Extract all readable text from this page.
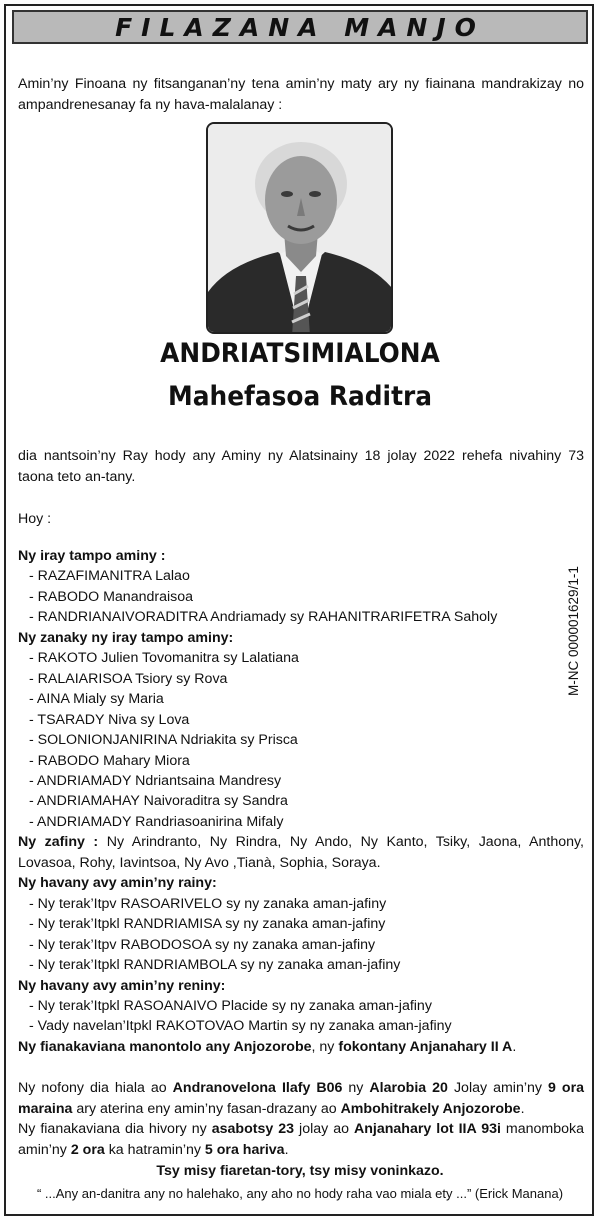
FILAZANA MANJO
Amin’ny Finoana ny fitsanganan’ny tena amin’ny maty ary ny fiainana mandrakizay no ampandrenesanay fa ny hava-malalanay :
ANDRIATSIMIALONA
Mahefasoa Raditra
dia nantsoin’ny Ray hody any Aminy ny Alatsinainy 18 jolay 2022 rehefa nivahiny 73 taona teto an-tany.
Hoy :
Ny iray tampo aminy :
- RAZAFIMANITRA Lalao
- RABODO Manandraisoa
- RANDRIANAIVORADITRA Andriamady sy RAHANITRARIFETRA Saholy
Ny zanaky ny iray tampo aminy:
- RAKOTO Julien Tovomanitra sy Lalatiana
- RALAIARISOA Tsiory sy Rova
- AINA Mialy sy Maria
- TSARADY Niva sy Lova
- SOLONIONJANIRINA Ndriakita sy Prisca
- RABODO Mahary Miora
- ANDRIAMADY Ndriantsaina Mandresy
- ANDRIAMAHAY Naivoraditra sy Sandra
- ANDRIAMADY Randriasoanirina Mifaly
Ny zafiny : Ny Arindranto, Ny Rindra, Ny Ando, Ny Kanto, Tsiky, Jaona, Anthony, Lovasoa, Rohy, Iavintsoa, Ny Avo ,Tianà, Sophia, Soraya.
Ny havany avy amin’ny rainy:
- Ny terak’Itpv RASOARIVELO sy ny zanaka aman-jafiny
- Ny terak’Itpkl RANDRIAMISA sy ny zanaka aman-jafiny
- Ny terak’Itpv RABODOSOA sy ny zanaka aman-jafiny
- Ny terak’Itpkl RANDRIAMBOLA sy ny zanaka aman-jafiny
Ny havany avy amin’ny reniny:
- Ny terak’Itpkl RASOANAIVO Placide sy ny zanaka aman-jafiny
- Vady navelan’Itpkl RAKOTOVAO Martin sy ny zanaka aman-jafiny
Ny fianakaviana manontolo any Anjozorobe, ny fokontany Anjanahary II A.
Ny nofony dia hiala ao Andranovelona Ilafy B06 ny Alarobia 20 Jolay amin’ny 9 ora maraina ary aterina eny amin’ny fasan-drazany ao Ambohitrakely Anjozorobe.
Ny fianakaviana dia hivory ny asabotsy 23 jolay ao Anjanahary lot IIA 93i manomboka amin’ny 2 ora ka hatramin’ny 5 ora hariva.
Tsy misy fiaretan-tory, tsy misy voninkazo.
“ ...Any an-danitra any no halehako, any aho no hody raha vao miala ety ...” (Erick Manana)
M-NC 000001629/1-1
